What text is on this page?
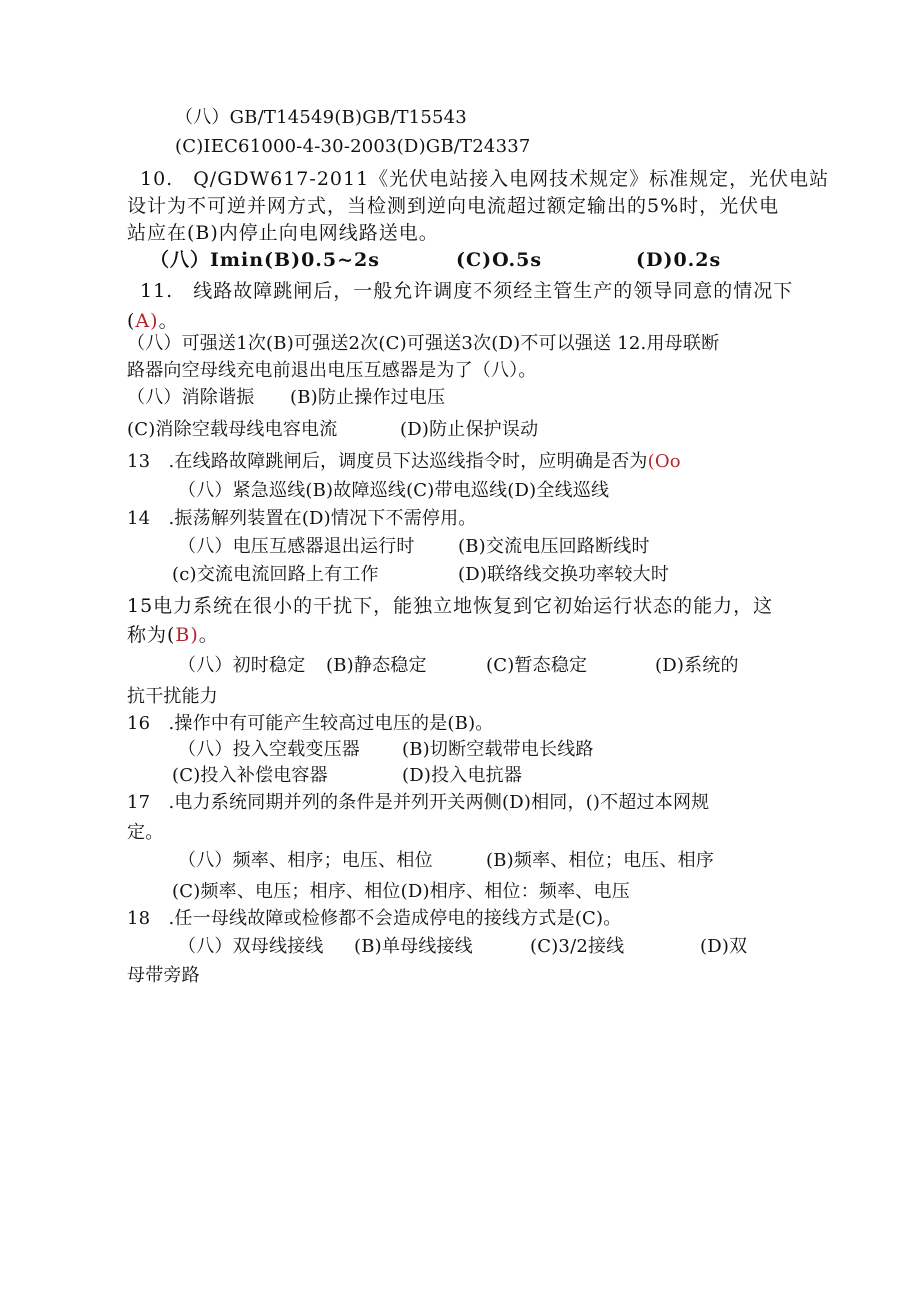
（八）GB/T14549(B)GB/T15543
(C)IEC61000-4-30-2003(D)GB/T24337
10.　Q/GDW617-2011《光伏电站接入电网技术规定》标准规定，光伏电站
设计为不可逆并网方式，当检测到逆向电流超过额定输出的5%时，光伏电
站应在(B)内停止向电网线路送电。
（八）Imin(B)0.5~2s	(C)O.5s	(D)0.2s
11.　线路故障跳闸后，一般允许调度不须经主管生产的领导同意的情况下
(A)。
（八）可强送1次(B)可强送2次(C)可强送3次(D)不可以强送 12.用母联断
路器向空母线充电前退出电压互感器是为了（八）。
（八）消除谐振 (B)防止操作过电压
(C)消除空载母线电容电流	(D)防止保护误动
13　.在线路故障跳闸后，调度员下达巡线指令时，应明确是否为(Oo
（八）紧急巡线(B)故障巡线(C)带电巡线(D)全线巡线
14　.振荡解列装置在(D)情况下不需停用。
（八）电压互感器退出运行时 (B)交流电压回路断线时
(c)交流电流回路上有工作	(D)联络线交换功率较大时
15电力系统在很小的干扰下，能独立地恢复到它初始运行状态的能力，这
称为(B)。
（八）初时稳定 (B)静态稳定	(C)暂态稳定	(D)系统的
抗干扰能力
16　.操作中有可能产生较高过电压的是(B)。
（八）投入空载变压器 (B)切断空载带电长线路
(C)投入补偿电容器	(D)投入电抗器
17　.电力系统同期并列的条件是并列开关两侧(D)相同，()不超过本网规
定。
（八）频率、相序；电压、相位	(B)频率、相位；电压、相序
(C)频率、电压；相序、相位(D)相序、相位：频率、电压
18　.任一母线故障或检修都不会造成停电的接线方式是(C)。
（八）双母线接线 (B)单母线接线	(C)3/2接线	(D)双
母带旁路
